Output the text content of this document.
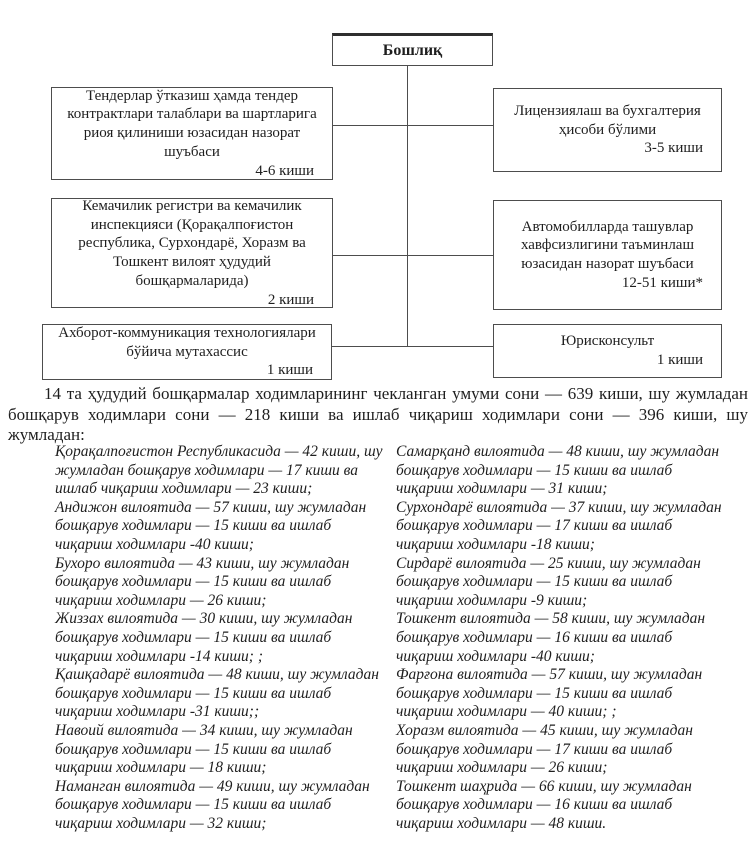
Бошлиқ
Тендерлар ўтказиш ҳамда тендер контрактлари талаблари ва шартларига риоя қилиниши юзасидан назорат шуъбаси
4-6 киши
Лицензиялаш ва бухгалтерия ҳисоби бўлими
3-5 киши
Кемачилик регистри ва кемачилик инспекцияси (Қорақалпоғистон республика, Сурхондарё, Хоразм ва Тошкент вилоят ҳудудий бошқармаларида)
2 киши
Автомобилларда ташувлар хавфсизлигини таъминлаш юзасидан назорат шуъбаси
12-51 киши*
Ахборот-коммуникация технологиялари бўйича мутахассис
1 киши
Юрисконсульт
1 киши

14 та ҳудудий бошқармалар ходимларининг чекланган умуми сони — 639 киши, шу жумладан бошқарув ходимлари сони — 218 киши ва ишлаб чиқариш ходимлари сони — 396 киши, шу жумладан:

Қорақалпоғистон Республикасида — 42 киши, шу жумладан бошқарув ходимлари — 17 киши ва ишлаб чиқариш ходимлари — 23 киши;

Андижон вилоятида — 57 киши, шу жумладан бошқарув ходимлари — 15 киши ва ишлаб чиқариш ходимлари -40 киши;

Бухоро вилоятида — 43 киши, шу жумладан бошқарув ходимлари — 15 киши ва ишлаб чиқариш ходимлари — 26 киши;

Жиззах вилоятида — 30 киши, шу жумладан бошқарув ходимлари — 15 киши ва ишлаб чиқариш ходимлари -14 киши; ;

Қашқадарё вилоятида — 48 киши, шу жумладан бошқарув ходимлари — 15 киши ва ишлаб чиқариш ходимлари -31 киши;;

Навоий вилоятида — 34 киши, шу жумладан бошқарув ходимлари — 15 киши ва ишлаб чиқариш ходимлари — 18 киши;

Наманган вилоятида — 49 киши, шу жумладан бошқарув ходимлари — 15 киши ва ишлаб чиқариш ходимлари — 32 киши;

Самарқанд вилоятида — 48 киши, шу жумладан бошқарув ходимлари — 15 киши ва ишлаб чиқариш ходимлари — 31 киши;

Сурхондарё вилоятида — 37 киши, шу жумладан бошқарув ходимлари — 17 киши ва ишлаб чиқариш ходимлари -18 киши;

Сирдарё вилоятида — 25 киши, шу жумладан бошқарув ходимлари — 15 киши ва ишлаб чиқариш ходимлари -9 киши;

Тошкент вилоятида — 58 киши, шу жумладан бошқарув ходимлари — 16 киши ва ишлаб чиқариш ходимлари -40 киши;

Фарғона вилоятида — 57 киши, шу жумладан бошқарув ходимлари — 15 киши ва ишлаб чиқариш ходимлари — 40 киши; ;

Хоразм вилоятида — 45 киши, шу жумладан бошқарув ходимлари — 17 киши ва ишлаб чиқариш ходимлари — 26 киши;

Тошкент шаҳрида — 66 киши, шу жумладан бошқарув ходимлари — 16 киши ва ишлаб чиқариш ходимлари — 48 киши.
